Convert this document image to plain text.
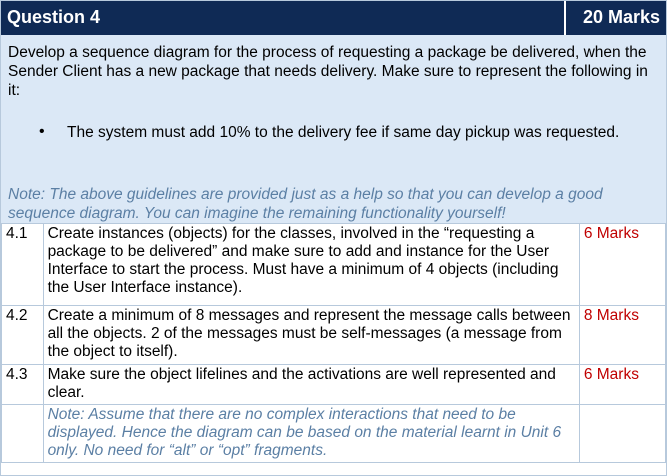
Question 4	20 Marks

Develop a sequence diagram for the process of requesting a package be delivered, when the Sender Client has a new package that needs delivery. Make sure to represent the following in it:

• The system must add 10% to the delivery fee if same day pickup was requested.

Note: The above guidelines are provided just as a help so that you can develop a good sequence diagram. You can imagine the remaining functionality yourself!

4.1	Create instances (objects) for the classes, involved in the “requesting a package to be delivered” and make sure to add and instance for the User Interface to start the process. Must have a minimum of 4 objects (including the User Interface instance).	6 Marks
4.2	Create a minimum of 8 messages and represent the message calls between all the objects. 2 of the messages must be self-messages (a message from the object to itself).	8 Marks
4.3	Make sure the object lifelines and the activations are well represented and clear.	6 Marks
	Note: Assume that there are no complex interactions that need to be displayed. Hence the diagram can be based on the material learnt in Unit 6 only. No need for “alt” or “opt” fragments.	
